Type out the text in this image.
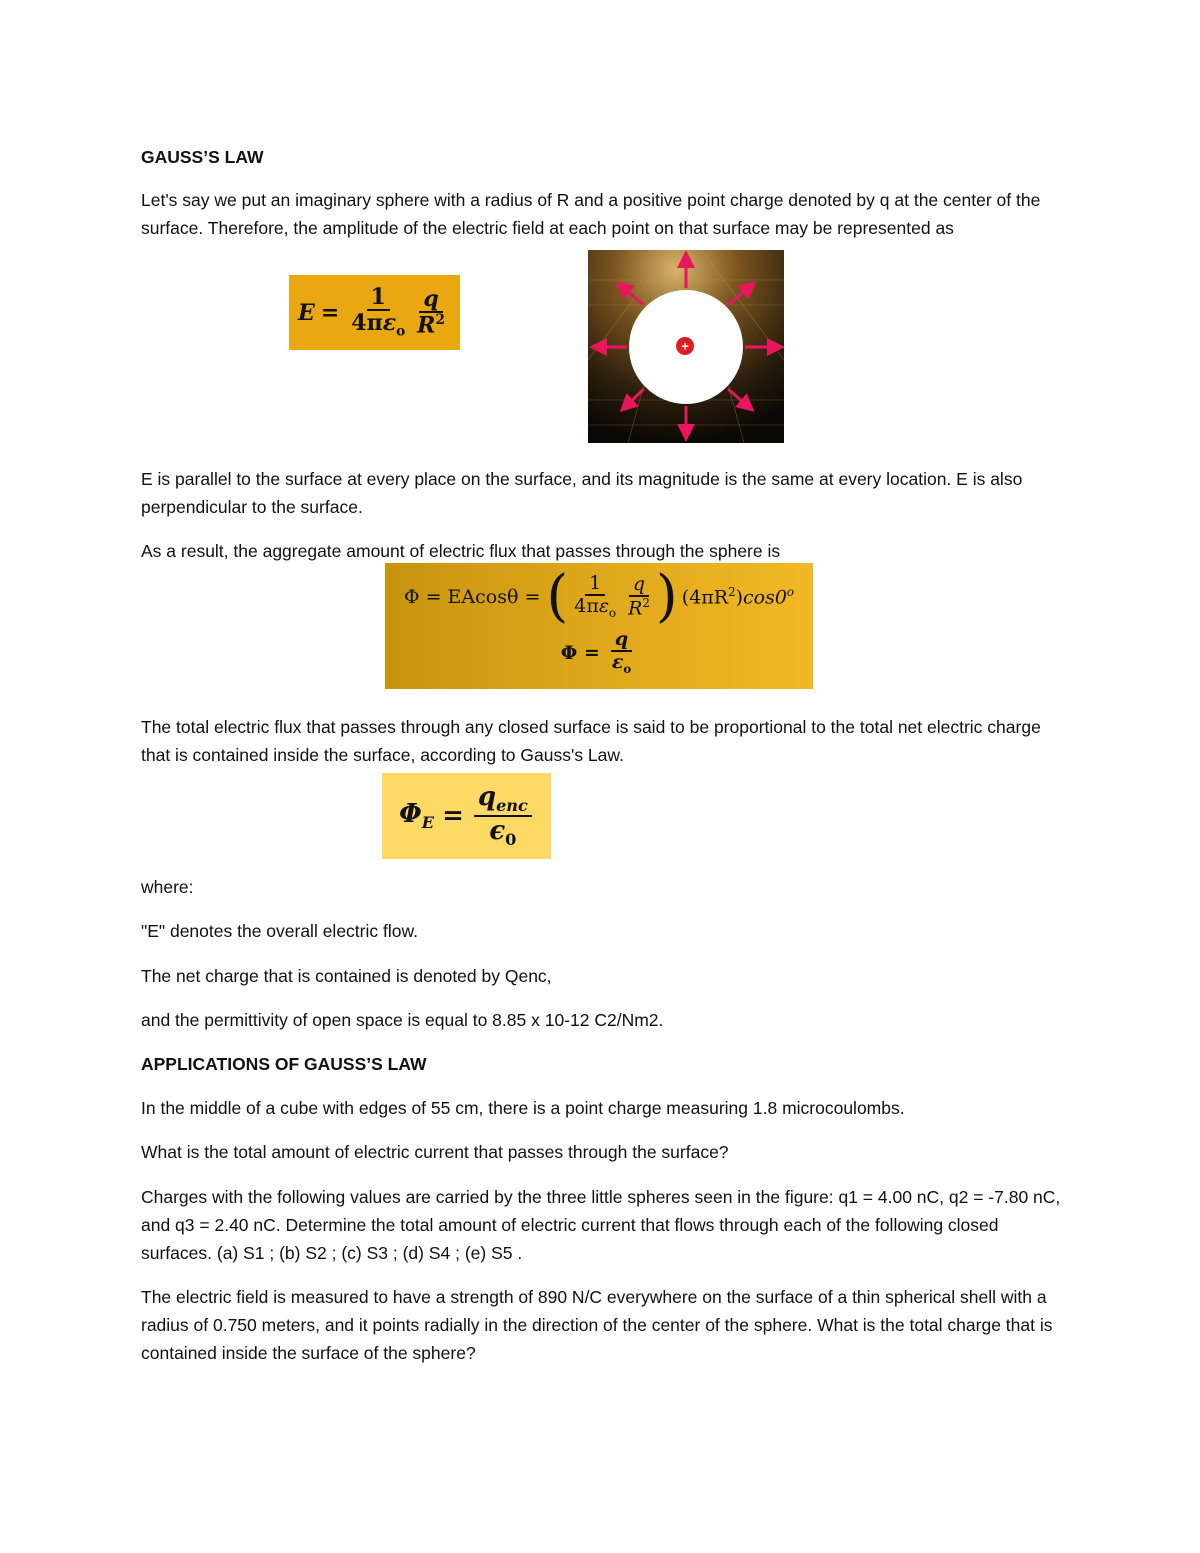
GAUSS’S LAW
Let's say we put an imaginary sphere with a radius of R and a positive point charge denoted by q at the center of the surface. Therefore, the amplitude of the electric field at each point on that surface may be represented as
$E = \frac{1}{4\pi\varepsilon_o} \frac{q}{R^2}$
+
E is parallel to the surface at every place on the surface, and its magnitude is the same at every location. E is also perpendicular to the surface.
As a result, the aggregate amount of electric flux that passes through the sphere is
Φ = EAcosθ = ( $\frac{1}{4\pi\varepsilon_o} \frac{q}{R^2}$ ) $(4\pi R^2)$ cos0$^o$
$\Phi = \frac{q}{\varepsilon_o}$
The total electric flux that passes through any closed surface is said to be proportional to the total net electric charge that is contained inside the surface, according to Gauss's Law.
$\Phi_E = \frac{q_{enc}}{\epsilon_0}$
where:
"E" denotes the overall electric flow.
The net charge that is contained is denoted by Qenc,
and the permittivity of open space is equal to 8.85 x 10-12 C2/Nm2.
APPLICATIONS OF GAUSS’S LAW
In the middle of a cube with edges of 55 cm, there is a point charge measuring 1.8 microcoulombs.
What is the total amount of electric current that passes through the surface?
Charges with the following values are carried by the three little spheres seen in the figure: q1 = 4.00 nC, q2 = -7.80 nC, and q3 = 2.40 nC. Determine the total amount of electric current that flows through each of the following closed surfaces. (a) S1 ; (b) S2 ; (c) S3 ; (d) S4 ; (e) S5 .
The electric field is measured to have a strength of 890 N/C everywhere on the surface of a thin spherical shell with a radius of 0.750 meters, and it points radially in the direction of the center of the sphere. What is the total charge that is contained inside the surface of the sphere?
